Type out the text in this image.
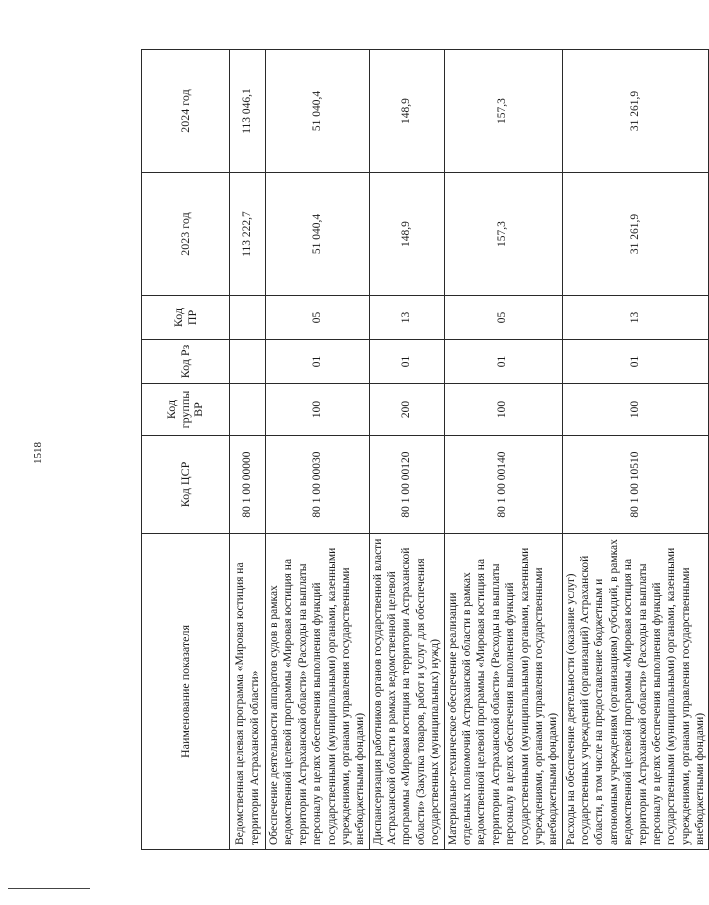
1518
Наименование показателя	Код ЦСР	Код группы ВР	Код Рз	Код ПР	2023 год	2024 год
Ведомственная целевая программа «Мировая юстиция на территории Астраханской области»	80 1 00 00000				113 222,7	113 046,1
Обеспечение деятельности аппаратов судов в рамках ведомственной целевой программы «Мировая юстиция на территории Астраханской области» (Расходы на выплаты персоналу в целях обеспечения выполнения функций государственными (муниципальными) органами, казенными учреждениями, органами управления государственными внебюджетными фондами)	80 1 00 00030	100	01	05	51 040,4	51 040,4
Диспансеризация работников органов государственной власти Астраханской области в рамках ведомственной целевой программы «Мировая юстиция на территории Астраханской области» (Закупка товаров, работ и услуг для обеспечения государственных (муниципальных) нужд)	80 1 00 00120	200	01	13	148,9	148,9
Материально-техническое обеспечение реализации отдельных полномочий Астраханской области в рамках ведомственной целевой программы «Мировая юстиция на территории Астраханской области» (Расходы на выплаты персоналу в целях обеспечения выполнения функций государственными (муниципальными) органами, казенными учреждениями, органами управления государственными внебюджетными фондами)	80 1 00 00140	100	01	05	157,3	157,3
Расходы на обеспечение деятельности (оказание услуг) государственных учреждений (организаций) Астраханской области, в том числе на предоставление бюджетным и автономным учреждениям (организациям) субсидий, в рамках ведомственной целевой программы «Мировая юстиция на территории Астраханской области» (Расходы на выплаты персоналу в целях обеспечения выполнения функций государственными (муниципальными) органами, казенными учреждениями, органами управления государственными внебюджетными фондами)	80 1 00 10510	100	01	13	31 261,9	31 261,9
